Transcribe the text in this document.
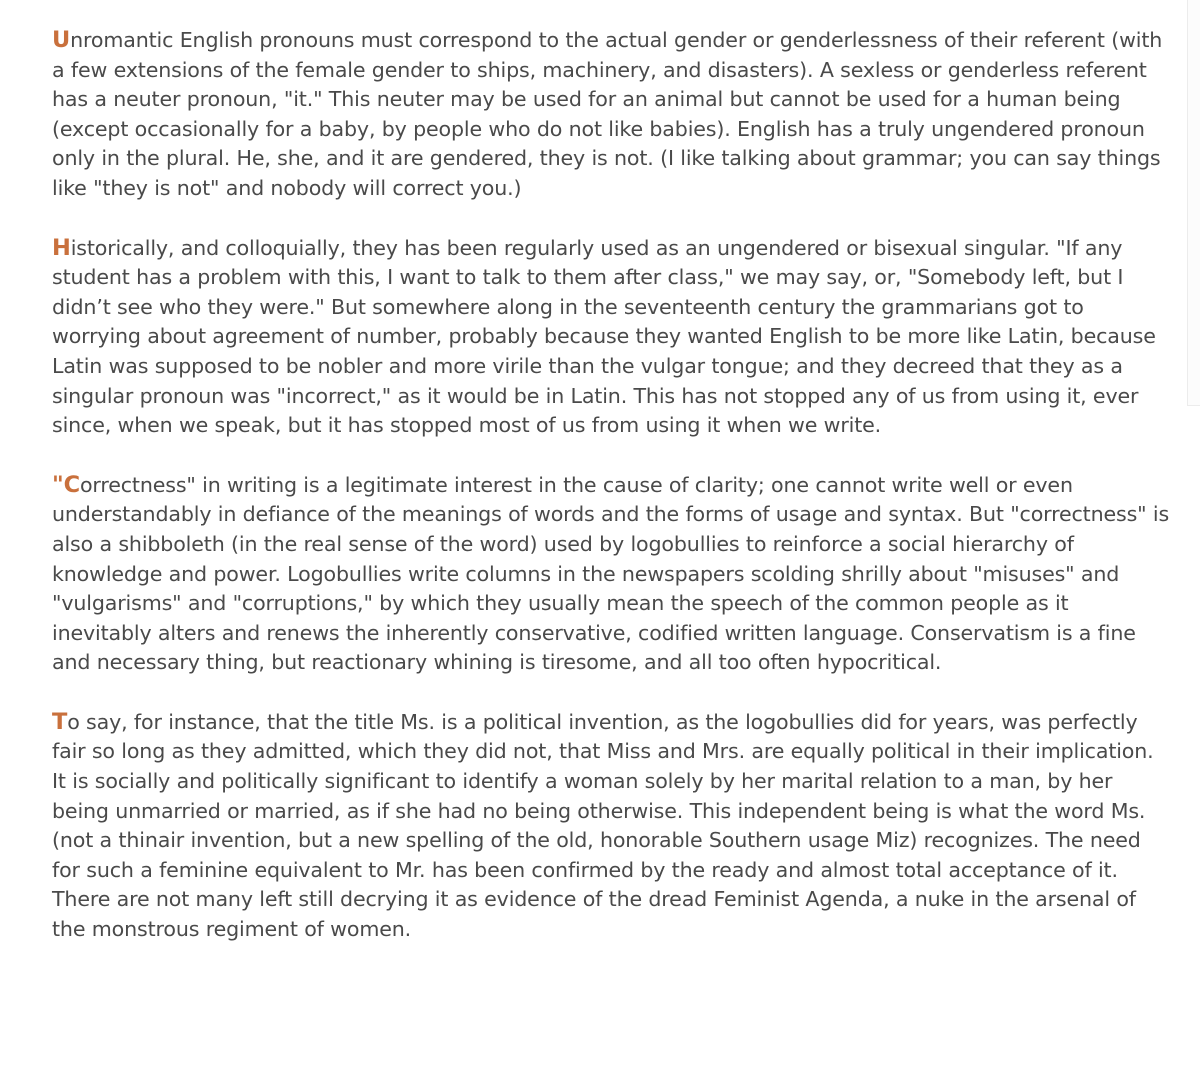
Unromantic English pronouns must correspond to the actual gender or genderlessness of their referent (with a few extensions of the female gender to ships, machinery, and disasters). A sexless or genderless referent has a neuter pronoun, "it." This neuter may be used for an animal but cannot be used for a human being (except occasionally for a baby, by people who do not like babies). English has a truly ungendered pronoun only in the plural. He, she, and it are gendered, they is not. (I like talking about grammar; you can say things like "they is not" and nobody will correct you.)

Historically, and colloquially, they has been regularly used as an ungendered or bisexual singular. "If any student has a problem with this, I want to talk to them after class," we may say, or, "Somebody left, but I didn’t see who they were." But somewhere along in the seventeenth century the grammarians got to worrying about agreement of number, probably because they wanted English to be more like Latin, because Latin was supposed to be nobler and more virile than the vulgar tongue; and they decreed that they as a singular pronoun was "incorrect," as it would be in Latin. This has not stopped any of us from using it, ever since, when we speak, but it has stopped most of us from using it when we write.

"Correctness" in writing is a legitimate interest in the cause of clarity; one cannot write well or even understandably in defiance of the meanings of words and the forms of usage and syntax. But "correctness" is also a shibboleth (in the real sense of the word) used by logobullies to reinforce a social hierarchy of knowledge and power. Logobullies write columns in the newspapers scolding shrilly about "misuses" and "vulgarisms" and "corruptions," by which they usually mean the speech of the common people as it inevitably alters and renews the inherently conservative, codified written language. Conservatism is a fine and necessary thing, but reactionary whining is tiresome, and all too often hypocritical.

To say, for instance, that the title Ms. is a political invention, as the logobullies did for years, was perfectly fair so long as they admitted, which they did not, that Miss and Mrs. are equally political in their implication. It is socially and politically significant to identify a woman solely by her marital relation to a man, by her being unmarried or married, as if she had no being otherwise. This independent being is what the word Ms. (not a thinair invention, but a new spelling of the old, honorable Southern usage Miz) recognizes. The need for such a feminine equivalent to Mr. has been confirmed by the ready and almost total acceptance of it. There are not many left still decrying it as evidence of the dread Feminist Agenda, a nuke in the arsenal of the monstrous regiment of women.
